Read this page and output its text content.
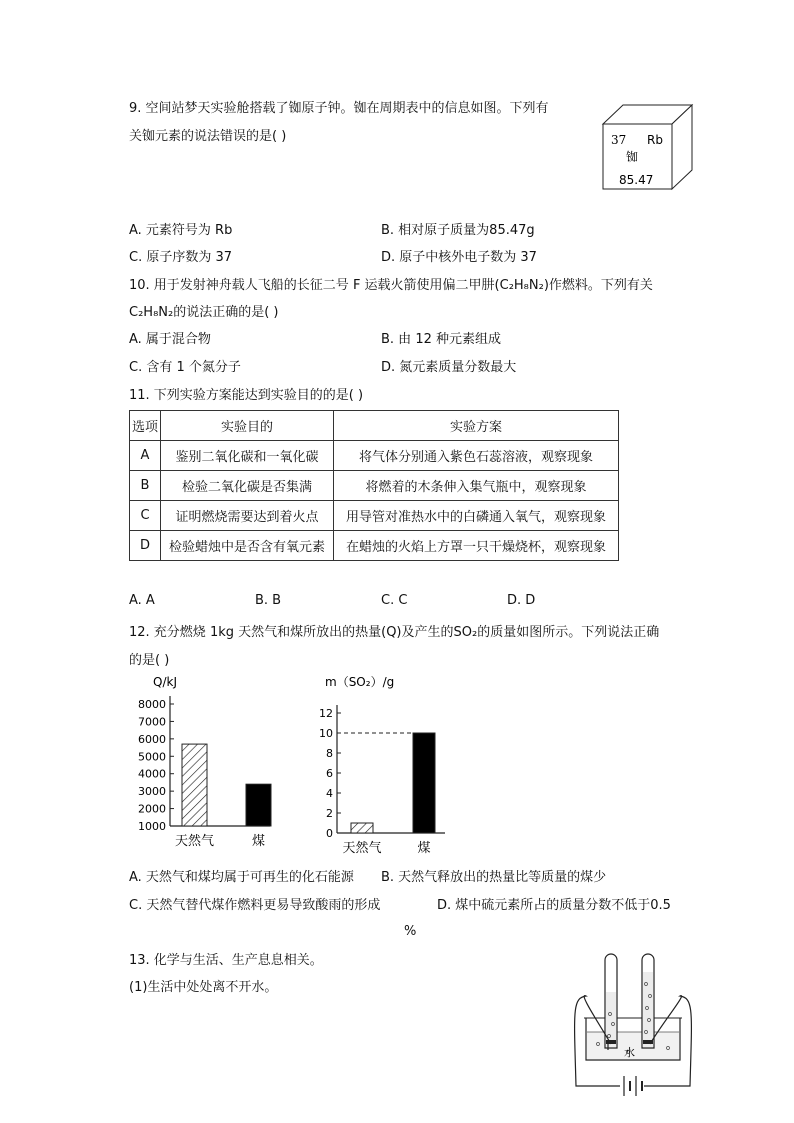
9. 空间站梦天实验舱搭载了铷原子钟。铷在周期表中的信息如图。下列有
关铷元素的说法错误的是( )	37 Rb
铷
85.47
A. 元素符号为 Rb	B. 相对原子质量为85.47g
C. 原子序数为 37	D. 原子中核外电子数为 37
10. 用于发射神舟载人飞船的长征二号 F 运载火箭使用偏二甲肼(C₂H₈N₂)作燃料。下列有关
C₂H₈N₂的说法正确的是( )
A. 属于混合物	B. 由 12 种元素组成
C. 含有 1 个氮分子	D. 氮元素质量分数最大
11. 下列实验方案能达到实验目的的是( )
选项	实验目的	实验方案
A	鉴别二氧化碳和一氧化碳	将气体分别通入紫色石蕊溶液，观察现象
B	检验二氧化碳是否集满	将燃着的木条伸入集气瓶中，观察现象
C	证明燃烧需要达到着火点	用导管对准热水中的白磷通入氧气，观察现象
D	检验蜡烛中是否含有氧元素	在蜡烛的火焰上方罩一只干燥烧杯，观察现象
A. A	B. B	C. C	D. D
12. 充分燃烧 1kg 天然气和煤所放出的热量(Q)及产生的SO₂的质量如图所示。下列说法正确
的是( )
Q/kJ
1000
2000
3000
4000
5000
6000
7000
8000
天然气	煤
m（SO₂）/g
0
2
4
6
8
10
12
天然气	煤
A. 天然气和煤均属于可再生的化石能源 B. 天然气释放出的热量比等质量的煤少
C. 天然气替代煤作燃料更易导致酸雨的形成	D. 煤中硫元素所占的质量分数不低于0.5
%
13. 化学与生活、生产息息相关。
(1)生活中处处离不开水。
水
